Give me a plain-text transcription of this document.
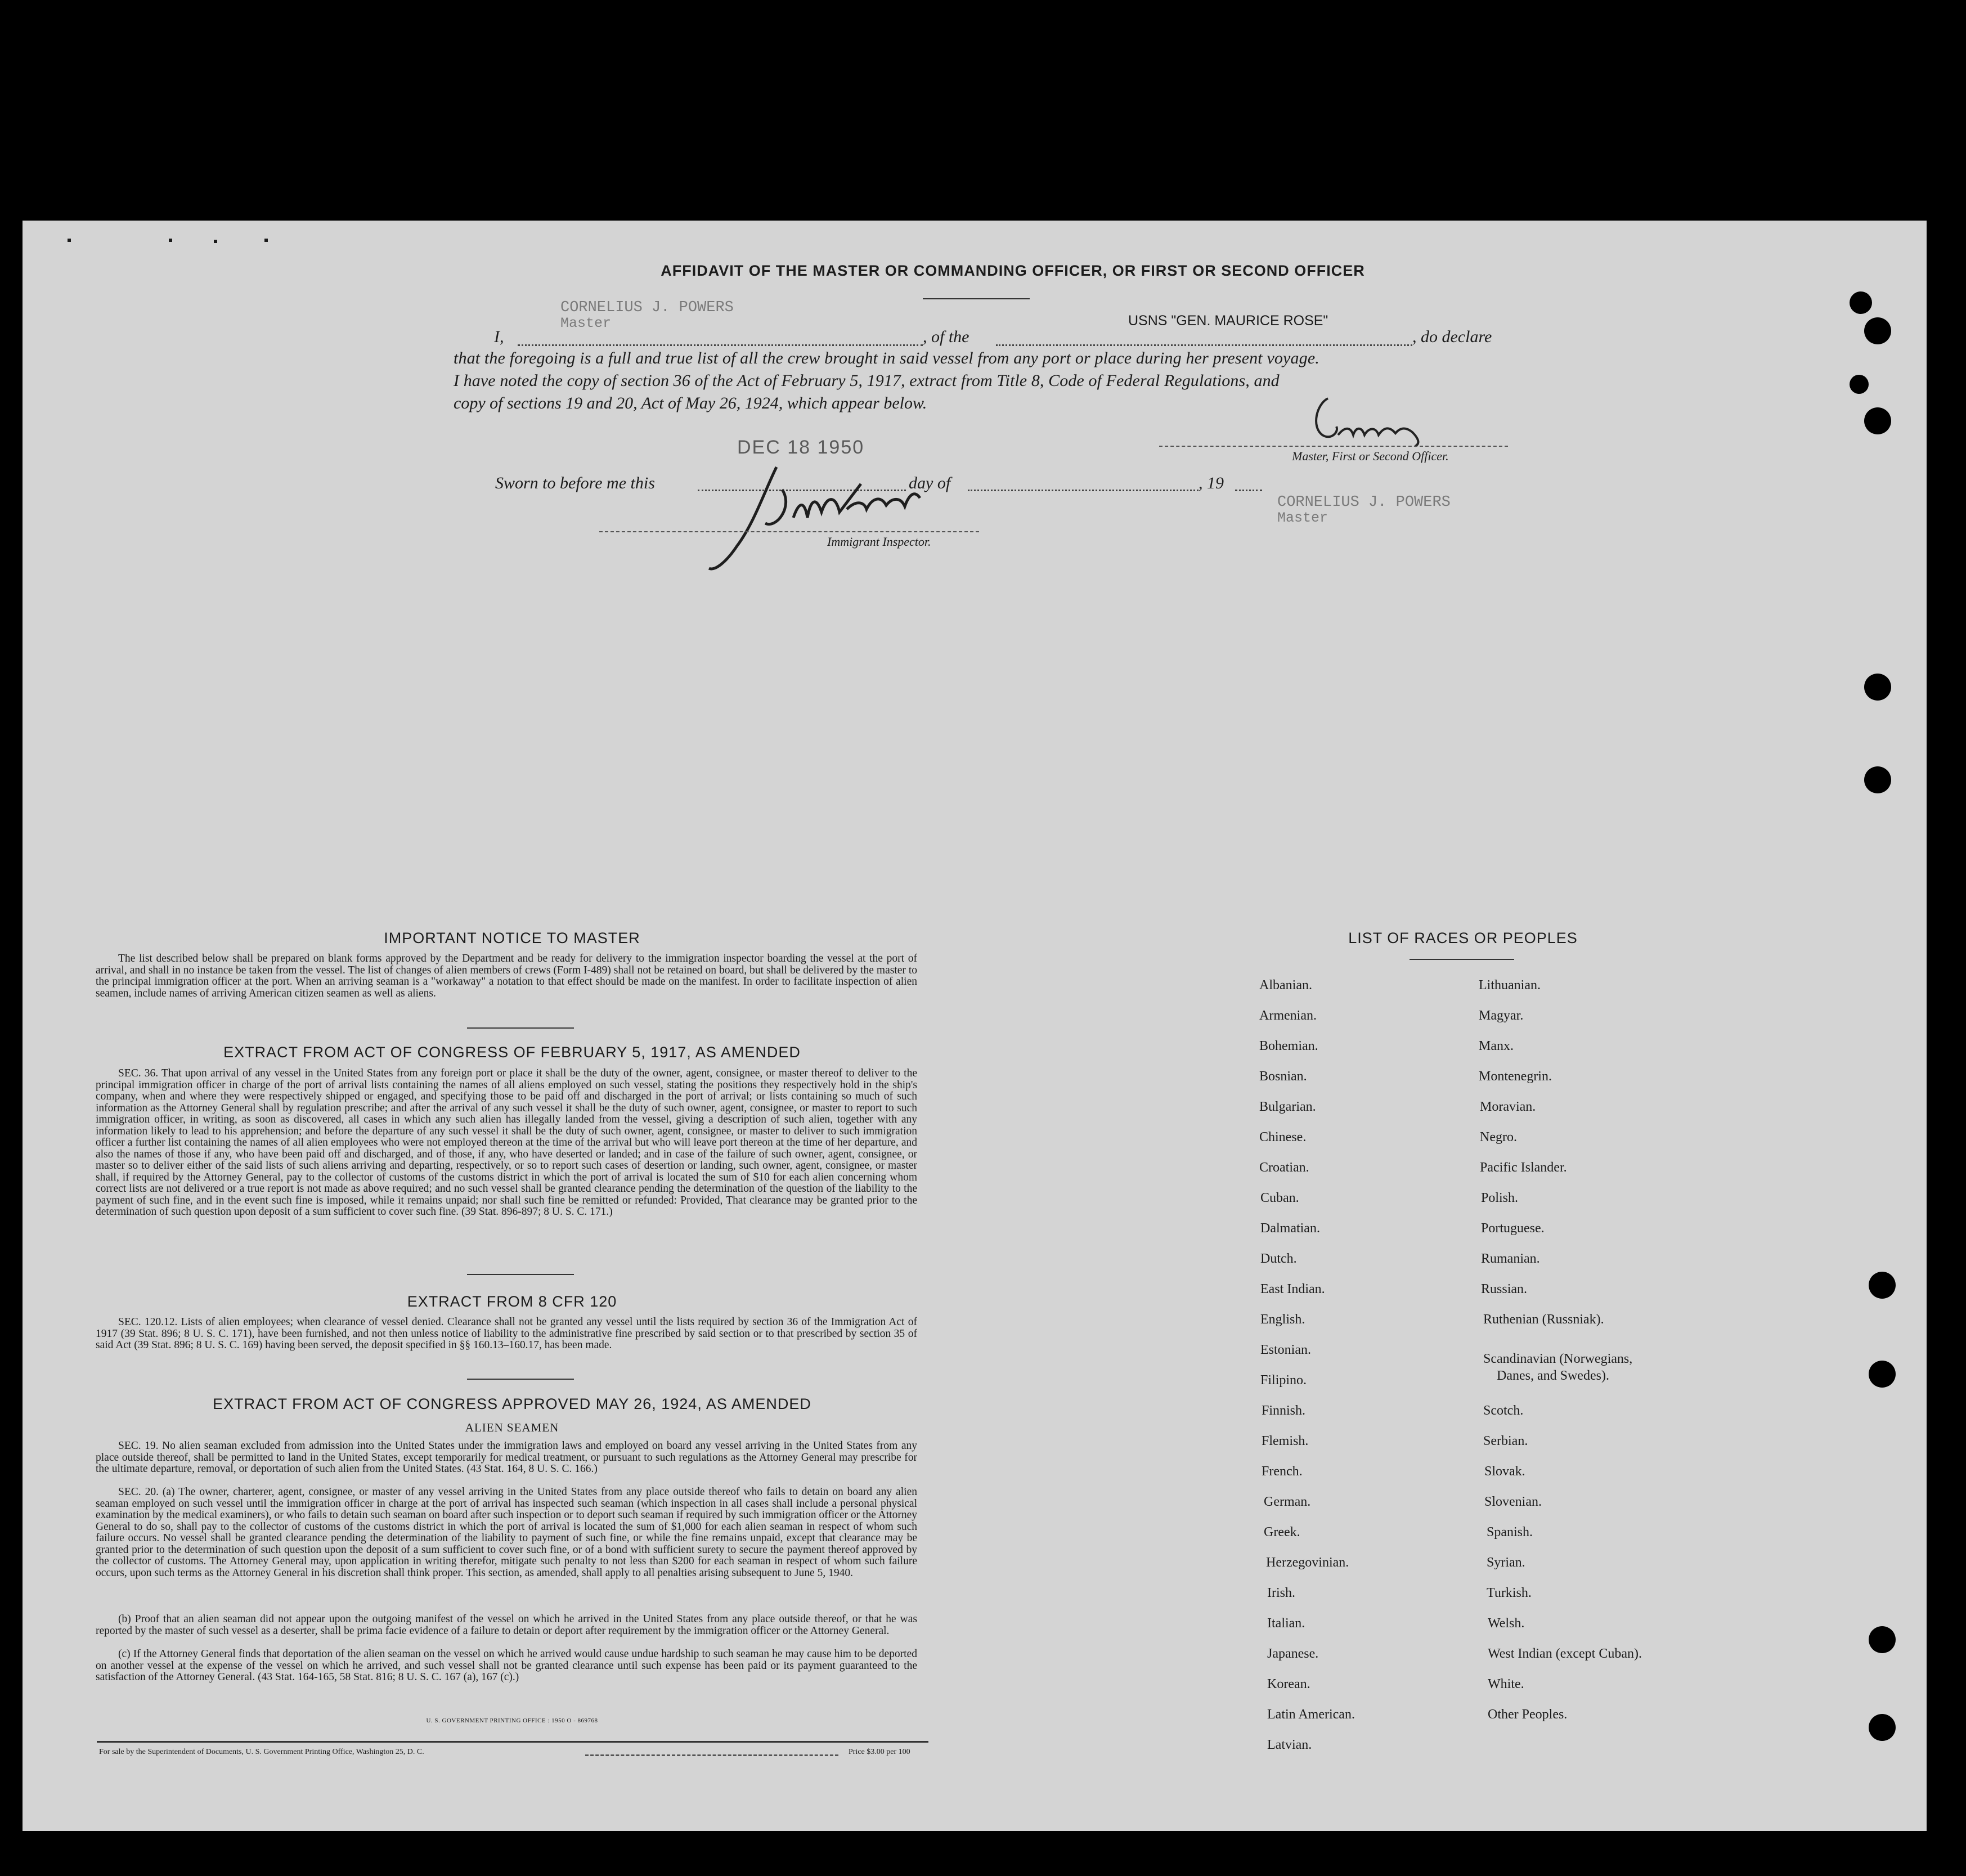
AFFIDAVIT OF THE MASTER OR COMMANDING OFFICER, OR FIRST OR SECOND OFFICER
CORNELIUS J. POWERS
Master
I,	, of the
USNS "GEN. MAURICE ROSE"
, do declare
that the foregoing is a full and true list of all the crew brought in said vessel from any port or place during her present voyage.
I have noted the copy of section 36 of the Act of February 5, 1917, extract from Title 8, Code of Federal Regulations, and
copy of sections 19 and 20, Act of May 26, 1924, which appear below.
DEC 18 1950	Master, First or Second Officer.
Sworn to before me this	day of	, 19
CORNELIUS J. POWERS
Master
Immigrant Inspector.
IMPORTANT NOTICE TO MASTER
The list described below shall be prepared on blank forms approved by the Department and be ready for delivery to the immigration inspector boarding the vessel at the port of arrival, and shall in no instance be taken from the vessel. The list of changes of alien members of crews (Form I-489) shall not be retained on board, but shall be delivered by the master to the principal immigration officer at the port. When an arriving seaman is a "workaway" a notation to that effect should be made on the manifest. In order to facilitate inspection of alien seamen, include names of arriving American citizen seamen as well as aliens.
EXTRACT FROM ACT OF CONGRESS OF FEBRUARY 5, 1917, AS AMENDED
SEC. 36. That upon arrival of any vessel in the United States from any foreign port or place it shall be the duty of the owner, agent, consignee, or master thereof to deliver to the principal immigration officer in charge of the port of arrival lists containing the names of all aliens employed on such vessel, stating the positions they respectively hold in the ship's company, when and where they were respectively shipped or engaged, and specifying those to be paid off and discharged in the port of arrival; or lists containing so much of such information as the Attorney General shall by regulation prescribe; and after the arrival of any such vessel it shall be the duty of such owner, agent, consignee, or master to report to such immigration officer, in writing, as soon as discovered, all cases in which any such alien has illegally landed from the vessel, giving a description of such alien, together with any information likely to lead to his apprehension; and before the departure of any such vessel it shall be the duty of such owner, agent, consignee, or master to deliver to such immigration officer a further list containing the names of all alien employees who were not employed thereon at the time of the arrival but who will leave port thereon at the time of her departure, and also the names of those if any, who have been paid off and discharged, and of those, if any, who have deserted or landed; and in case of the failure of such owner, agent, consignee, or master so to deliver either of the said lists of such aliens arriving and departing, respectively, or so to report such cases of desertion or landing, such owner, agent, consignee, or master shall, if required by the Attorney General, pay to the collector of customs of the customs district in which the port of arrival is located the sum of $10 for each alien concerning whom correct lists are not delivered or a true report is not made as above required; and no such vessel shall be granted clearance pending the determination of the question of the liability to the payment of such fine, and in the event such fine is imposed, while it remains unpaid; nor shall such fine be remitted or refunded: Provided, That clearance may be granted prior to the determination of such question upon deposit of a sum sufficient to cover such fine. (39 Stat. 896-897; 8 U. S. C. 171.)
EXTRACT FROM 8 CFR 120
SEC. 120.12. Lists of alien employees; when clearance of vessel denied. Clearance shall not be granted any vessel until the lists required by section 36 of the Immigration Act of 1917 (39 Stat. 896; 8 U. S. C. 171), have been furnished, and not then unless notice of liability to the administrative fine prescribed by said section or to that prescribed by section 35 of said Act (39 Stat. 896; 8 U. S. C. 169) having been served, the deposit specified in §§ 160.13–160.17, has been made.
EXTRACT FROM ACT OF CONGRESS APPROVED MAY 26, 1924, AS AMENDED
ALIEN SEAMEN
SEC. 19. No alien seaman excluded from admission into the United States under the immigration laws and employed on board any vessel arriving in the United States from any place outside thereof, shall be permitted to land in the United States, except temporarily for medical treatment, or pursuant to such regulations as the Attorney General may prescribe for the ultimate departure, removal, or deportation of such alien from the United States. (43 Stat. 164, 8 U. S. C. 166.)
SEC. 20. (a) The owner, charterer, agent, consignee, or master of any vessel arriving in the United States from any place outside thereof who fails to detain on board any alien seaman employed on such vessel until the immigration officer in charge at the port of arrival has inspected such seaman (which inspection in all cases shall include a personal physical examination by the medical examiners), or who fails to detain such seaman on board after such inspection or to deport such seaman if required by such immigration officer or the Attorney General to do so, shall pay to the collector of customs of the customs district in which the port of arrival is located the sum of $1,000 for each alien seaman in respect of whom such failure occurs. No vessel shall be granted clearance pending the determination of the liability to payment of such fine, or while the fine remains unpaid, except that clearance may be granted prior to the determination of such question upon the deposit of a sum sufficient to cover such fine, or of a bond with sufficient surety to secure the payment thereof approved by the collector of customs. The Attorney General may, upon application in writing therefor, mitigate such penalty to not less than $200 for each seaman in respect of whom such failure occurs, upon such terms as the Attorney General in his discretion shall think proper. This section, as amended, shall apply to all penalties arising subsequent to June 5, 1940.
(b) Proof that an alien seaman did not appear upon the outgoing manifest of the vessel on which he arrived in the United States from any place outside thereof, or that he was reported by the master of such vessel as a deserter, shall be prima facie evidence of a failure to detain or deport after requirement by the immigration officer or the Attorney General.
(c) If the Attorney General finds that deportation of the alien seaman on the vessel on which he arrived would cause undue hardship to such seaman he may cause him to be deported on another vessel at the expense of the vessel on which he arrived, and such vessel shall not be granted clearance until such expense has been paid or its payment guaranteed to the satisfaction of the Attorney General. (43 Stat. 164-165, 58 Stat. 816; 8 U. S. C. 167 (a), 167 (c).)
U. S. GOVERNMENT PRINTING OFFICE : 1950 O - 869768
For sale by the Superintendent of Documents, U. S. Government Printing Office, Washington 25, D. C.	Price $3.00 per 100
LIST OF RACES OR PEOPLES
Albanian.
Armenian.
Bohemian.
Bosnian.
Bulgarian.
Chinese.
Croatian.
Cuban.
Dalmatian.
Dutch.
East Indian.
English.
Estonian.
Filipino.
Finnish.
Flemish.
French.
German.
Greek.
Herzegovinian.
Irish.
Italian.
Japanese.
Korean.
Latin American.
Latvian.
Lithuanian.
Magyar.
Manx.
Montenegrin.
Moravian.
Negro.
Pacific Islander.
Polish.
Portuguese.
Rumanian.
Russian.
Ruthenian (Russniak).
Scandinavian (Norwegians,
Danes, and Swedes).
Scotch.
Serbian.
Slovak.
Slovenian.
Spanish.
Syrian.
Turkish.
Welsh.
West Indian (except Cuban).
White.
Other Peoples.
